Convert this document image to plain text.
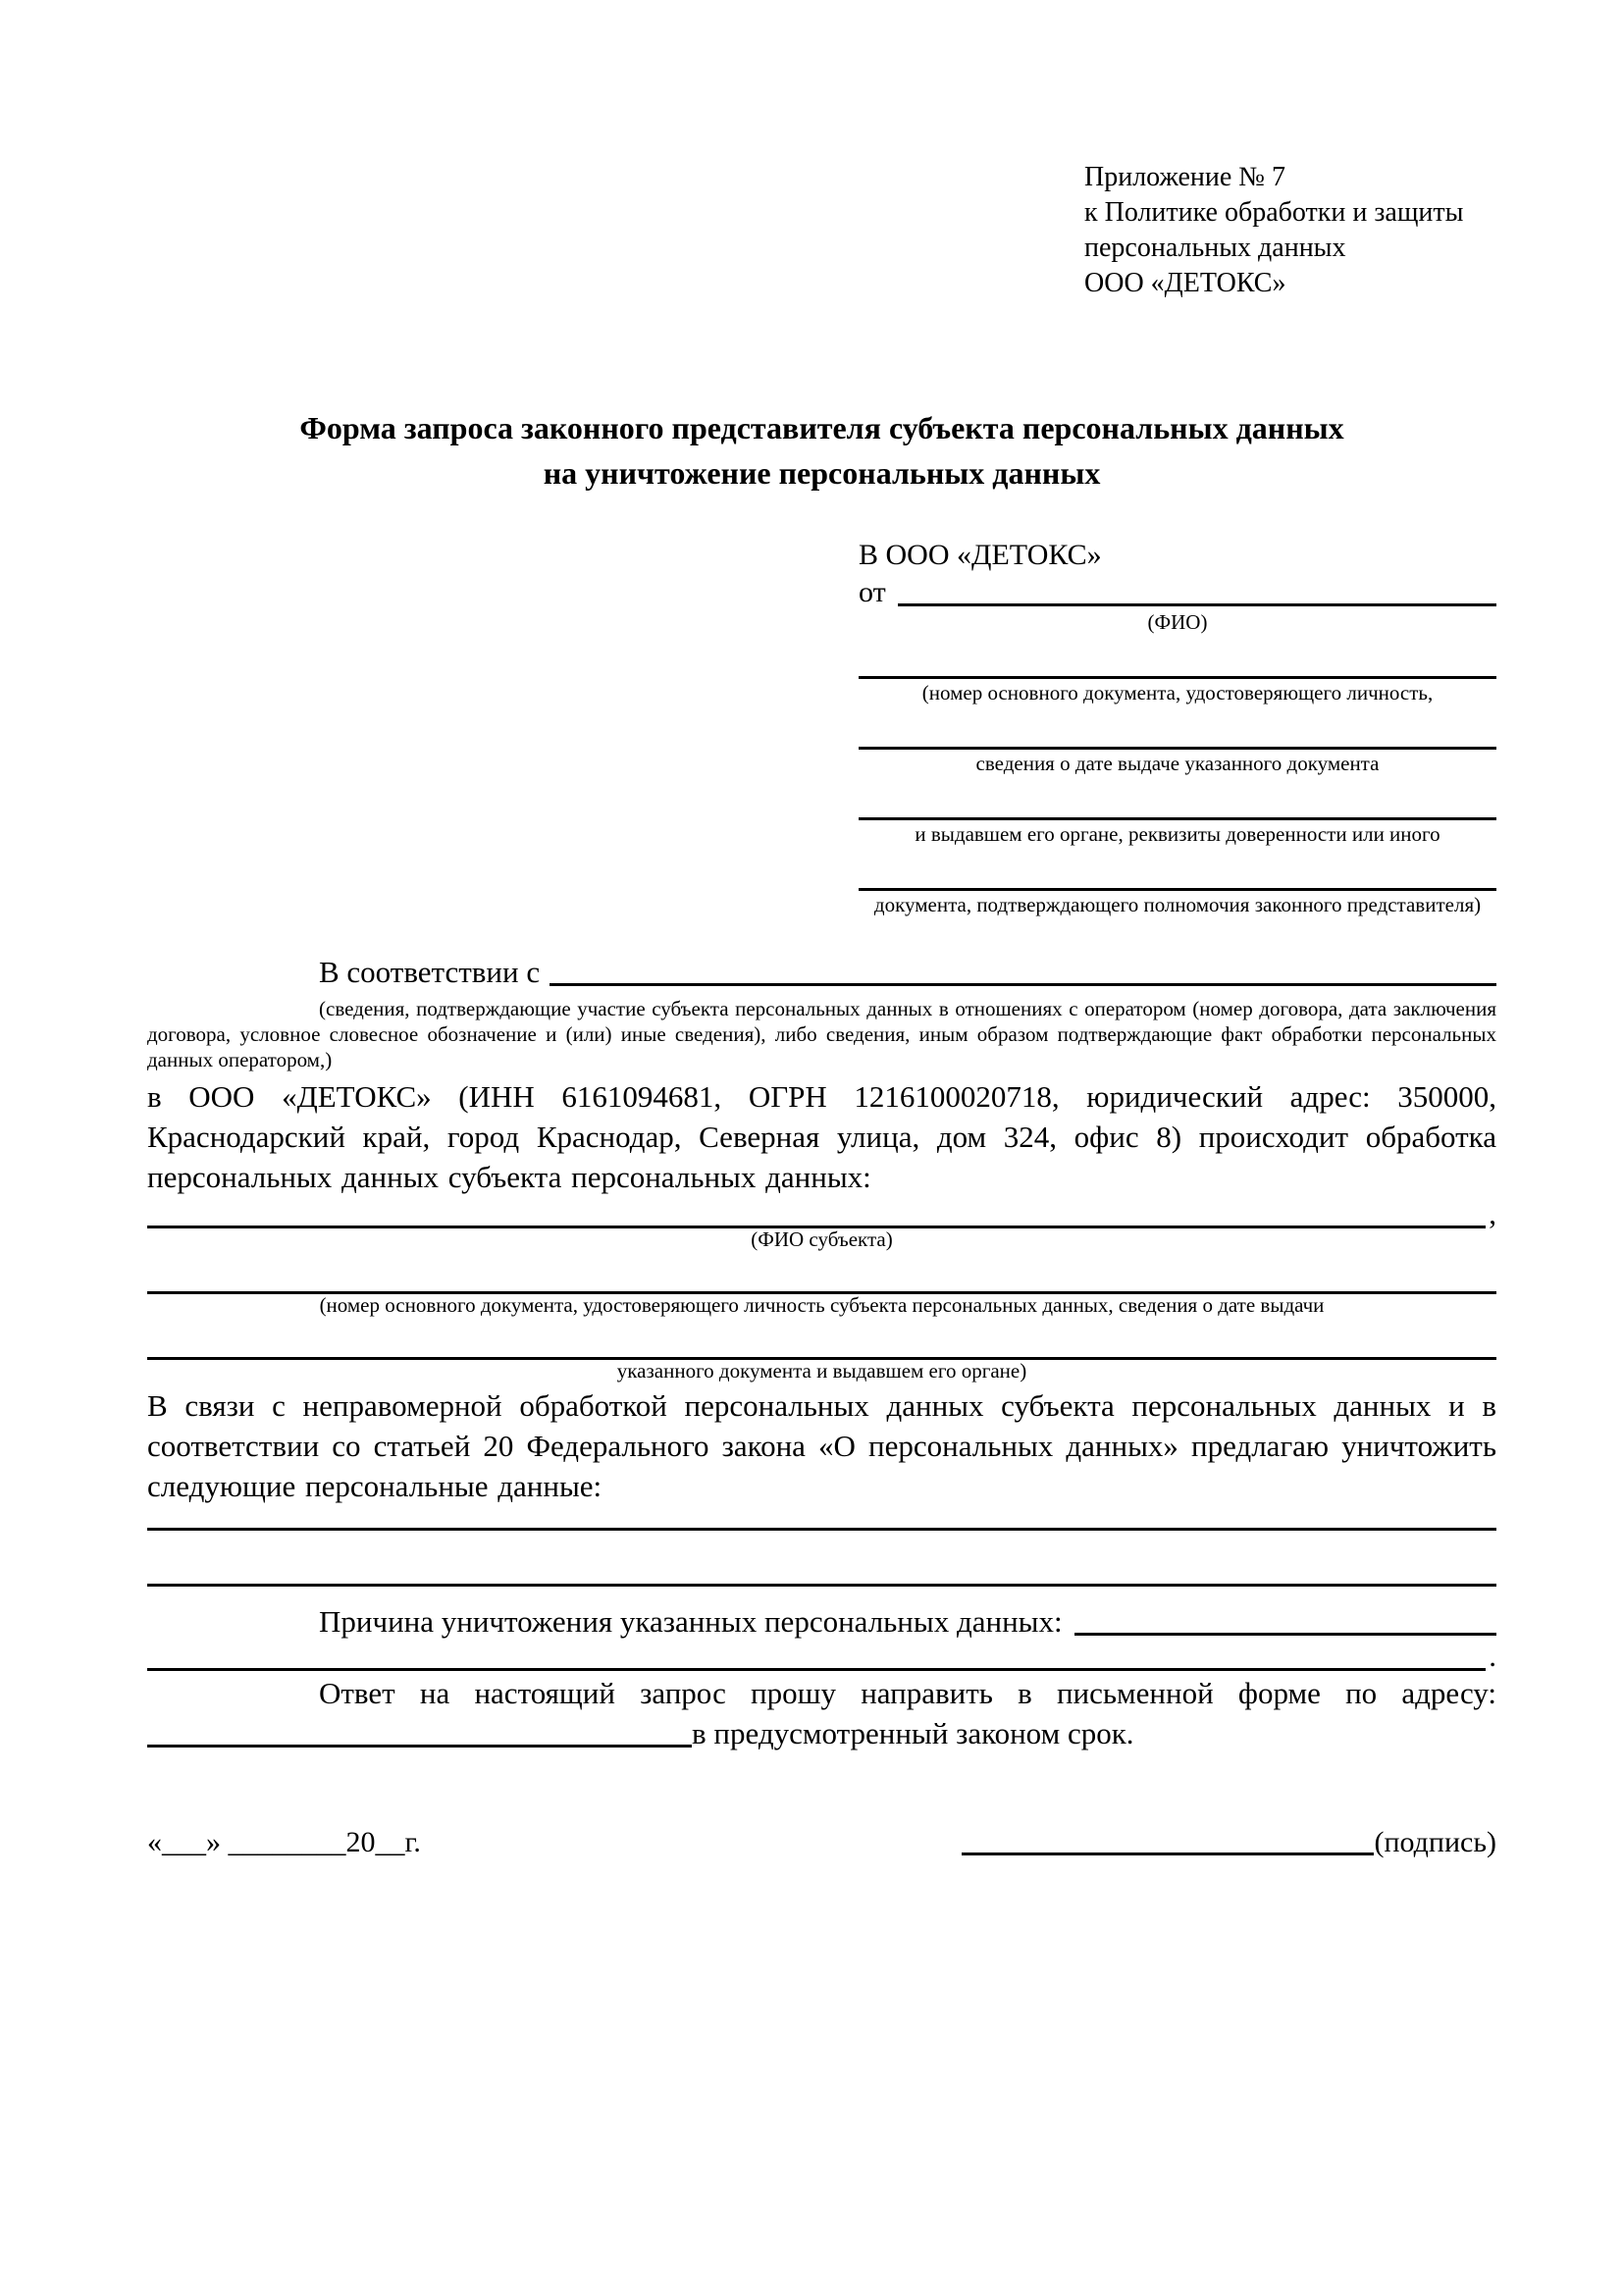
Приложение № 7
к Политике обработки и защиты
персональных данных
ООО «ДЕТОКС»
Форма запроса законного представителя субъекта персональных данных
на уничтожение персональных данных
В ООО «ДЕТОКС»
от
(ФИО)
(номер основного документа, удостоверяющего личность,
сведения о дате выдаче указанного документа
и выдавшем его органе, реквизиты доверенности или иного
документа, подтверждающего полномочия законного представителя)
В соответствии с
(сведения, подтверждающие участие субъекта персональных данных в отношениях с оператором (номер договора, дата заключения договора, условное словесное обозначение и (или) иные сведения), либо сведения, иным образом подтверждающие факт обработки персональных данных оператором,)
в ООО «ДЕТОКС» (ИНН 6161094681, ОГРН 1216100020718, юридический адрес: 350000, Краснодарский край, город Краснодар, Северная улица, дом 324, офис 8) происходит обработка персональных данных субъекта персональных данных:
,
(ФИО субъекта)
(номер основного документа, удостоверяющего личность субъекта персональных данных, сведения о дате выдачи
указанного документа и выдавшем его органе)
В связи с неправомерной обработкой персональных данных субъекта персональных данных и в соответствии со статьей 20 Федерального закона «О персональных данных» предлагаю уничтожить следующие персональные данные:
Причина уничтожения указанных персональных данных:
.
Ответ на настоящий запрос прошу направить в письменной форме по адресу:
в предусмотренный законом срок.
«___» ________20__г.	(подпись)
